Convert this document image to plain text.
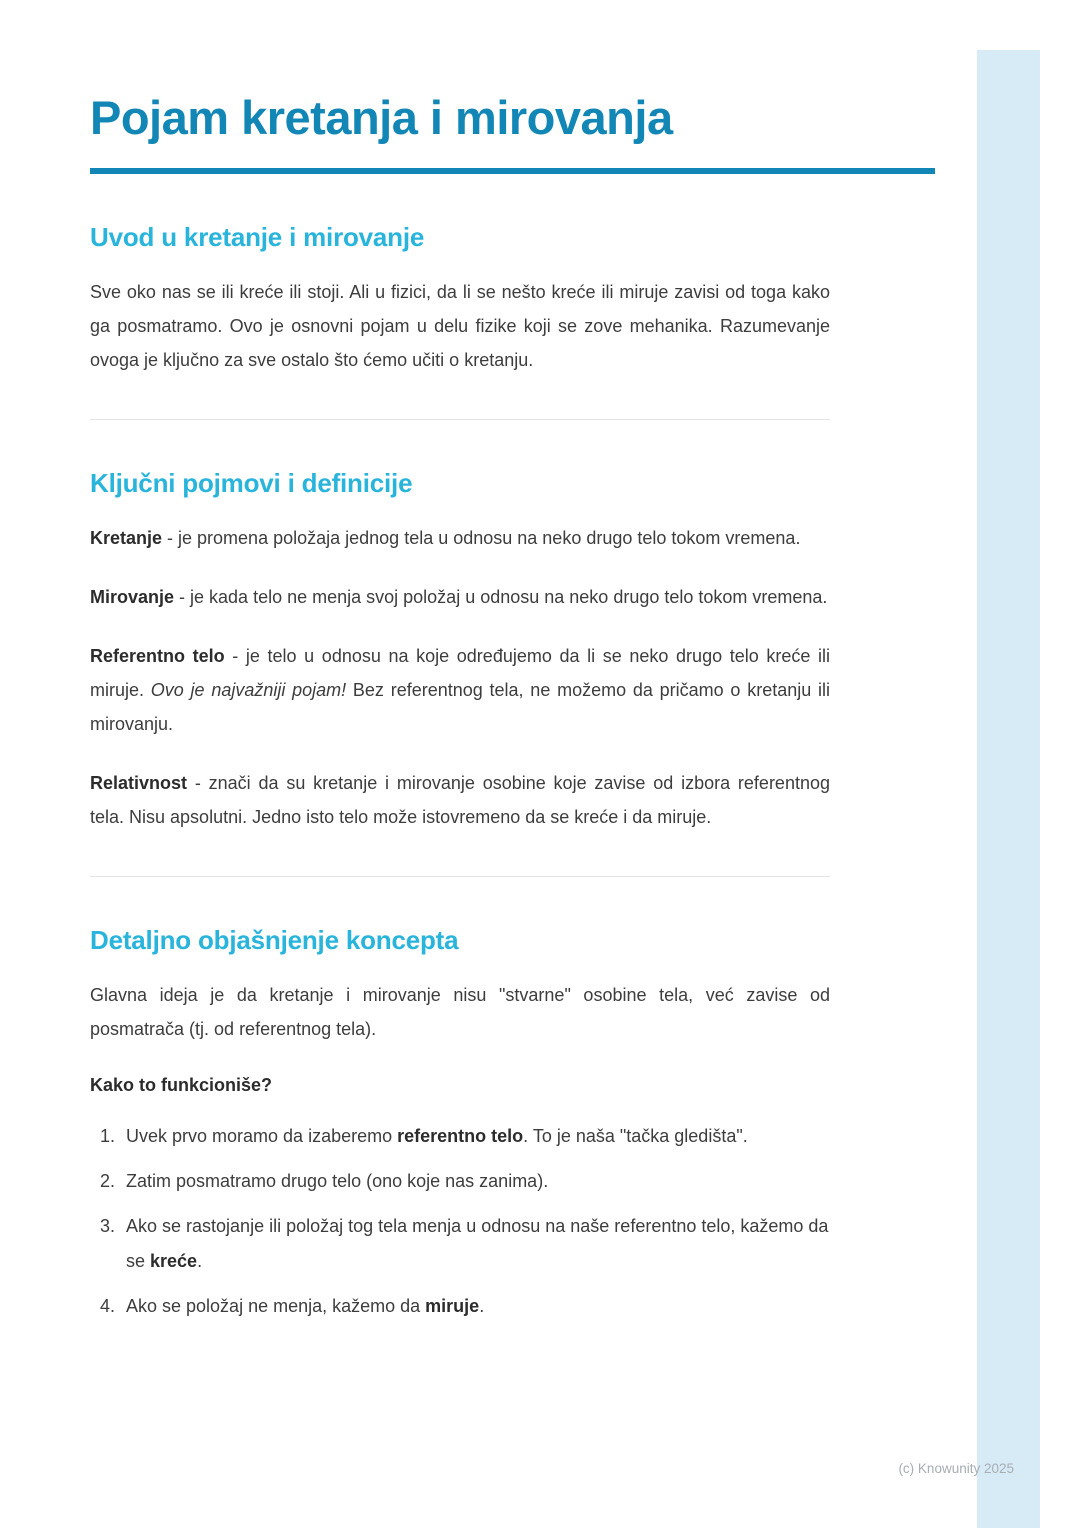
Pojam kretanja i mirovanja
Uvod u kretanje i mirovanje

Sve oko nas se ili kreće ili stoji. Ali u fizici, da li se nešto kreće ili miruje zavisi od toga kako ga posmatramo. Ovo je osnovni pojam u delu fizike koji se zove mehanika. Razumevanje ovoga je ključno za sve ostalo što ćemo učiti o kretanju.

Ključni pojmovi i definicije

Kretanje - je promena položaja jednog tela u odnosu na neko drugo telo tokom vremena.

Mirovanje - je kada telo ne menja svoj položaj u odnosu na neko drugo telo tokom vremena.

Referentno telo - je telo u odnosu na koje određujemo da li se neko drugo telo kreće ili miruje. Ovo je najvažniji pojam! Bez referentnog tela, ne možemo da pričamo o kretanju ili mirovanju.

Relativnost - znači da su kretanje i mirovanje osobine koje zavise od izbora referentnog tela. Nisu apsolutni. Jedno isto telo može istovremeno da se kreće i da miruje.

Detaljno objašnjenje koncepta

Glavna ideja je da kretanje i mirovanje nisu "stvarne" osobine tela, već zavise od posmatrača (tj. od referentnog tela).

Kako to funkcioniše?

1. Uvek prvo moramo da izaberemo referentno telo. To je naša "tačka gledišta".
2. Zatim posmatramo drugo telo (ono koje nas zanima).
3. Ako se rastojanje ili položaj tog tela menja u odnosu na naše referentno telo, kažemo da se kreće.
4. Ako se položaj ne menja, kažemo da miruje.
(c) Knowunity 2025
